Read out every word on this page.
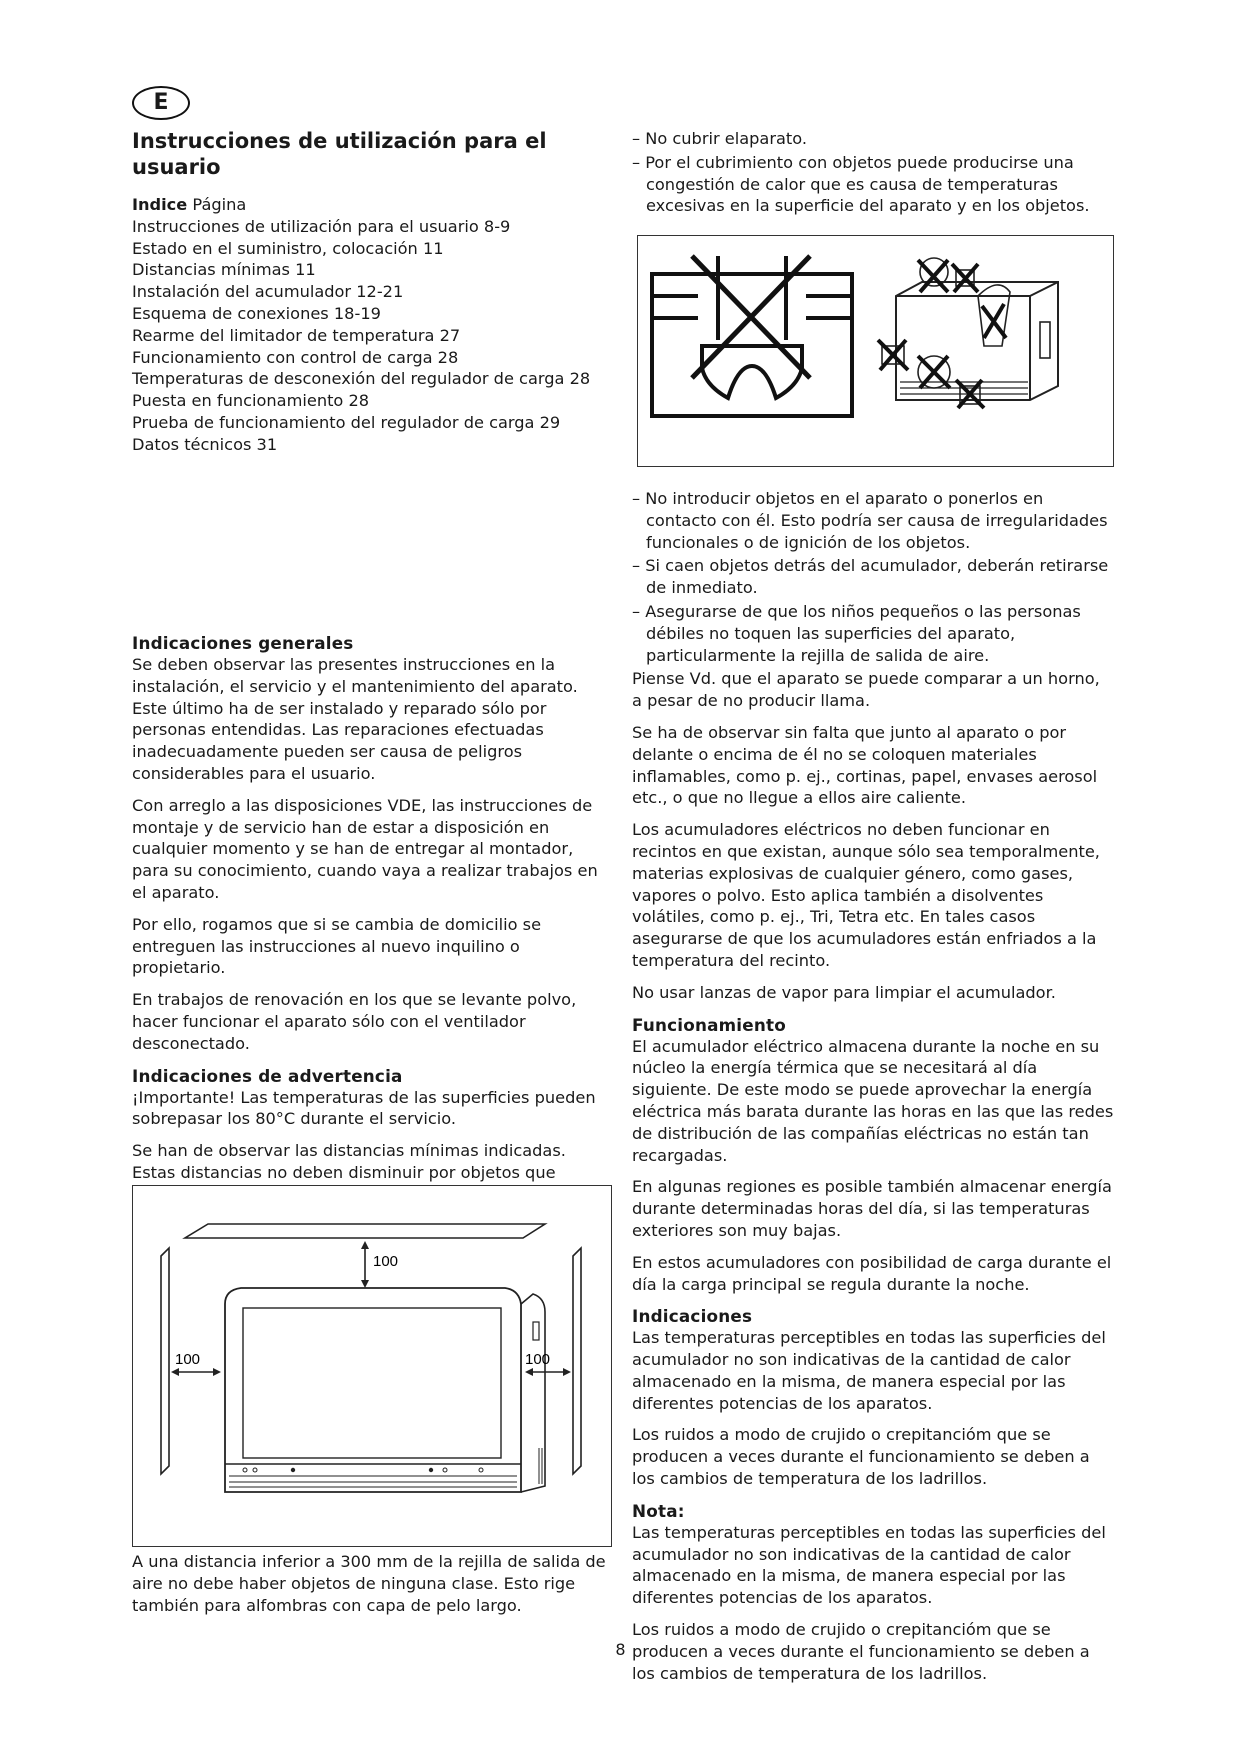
E
Instrucciones de utilización para el usuario
Indice Página
Instrucciones de utilización para el usuario 8-9
Estado en el suministro, colocación 11
Distancias mínimas 11
Instalación del acumulador 12-21
Esquema de conexiones 18-19
Rearme del limitador de temperatura 27
Funcionamiento con control de carga 28
Temperaturas de desconexión del regulador de carga 28
Puesta en funcionamiento 28
Prueba de funcionamiento del regulador de carga 29
Datos técnicos 31
Indicaciones generales

Se deben observar las presentes instrucciones en la instalación, el servicio y el mantenimiento del aparato. Este último ha de ser instalado y reparado sólo por personas entendidas. Las reparaciones efectuadas inadecuadamente pueden ser causa de peligros considerables para el usuario.

Con arreglo a las disposiciones VDE, las instrucciones de montaje y de servicio han de estar a disposición en cualquier momento y se han de entregar al montador, para su conocimiento, cuando vaya a realizar trabajos en el aparato.

Por ello, rogamos que si se cambia de domicilio se entreguen las instrucciones al nuevo inquilino o propietario.

En trabajos de renovación en los que se levante polvo, hacer funcionar el aparato sólo con el ventilador desconectado.

Indicaciones de advertencia

¡Importante! Las temperaturas de las superficies pueden sobrepasar los 80°C durante el servicio.

Se han de observar las distancias mínimas indicadas. Estas distancias no deben disminuir por objetos que

100
100	100

A una distancia inferior a 300 mm de la rejilla de salida de aire no debe haber objetos de ninguna clase. Esto rige también para alfombras con capa de pelo largo.

– No cubrir elaparato.
– Por el cubrimiento con objetos puede producirse una congestión de calor que es causa de temperaturas excesivas en la superficie del aparato y en los objetos.
– No introducir objetos en el aparato o ponerlos en contacto con él. Esto podría ser causa de irregularidades funcionales o de ignición de los objetos.
– Si caen objetos detrás del acumulador, deberán retirarse de inmediato.
– Asegurarse de que los niños pequeños o las personas débiles no toquen las superficies del aparato, particularmente la rejilla de salida de aire.

Piense Vd. que el aparato se puede comparar a un horno, a pesar de no producir llama.

Se ha de observar sin falta que junto al aparato o por delante o encima de él no se coloquen materiales inflamables, como p. ej., cortinas, papel, envases aerosol etc., o que no llegue a ellos aire caliente.

Los acumuladores eléctricos no deben funcionar en recintos en que existan, aunque sólo sea temporalmente, materias explosivas de cualquier género, como gases, vapores o polvo. Esto aplica también a disolventes volátiles, como p. ej., Tri, Tetra etc. En tales casos asegurarse de que los acumuladores están enfriados a la temperatura del recinto.

No usar lanzas de vapor para limpiar el acumulador.

Funcionamiento

El acumulador eléctrico almacena durante la noche en su núcleo la energía térmica que se necesitará al día siguiente. De este modo se puede aprovechar la energía eléctrica más barata durante las horas en las que las redes de distribución de las compañías eléctricas no están tan recargadas.

En algunas regiones es posible también almacenar energía durante determinadas horas del día, si las temperaturas exteriores son muy bajas.

En estos acumuladores con posibilidad de carga durante el día la carga principal se regula durante la noche.

Indicaciones

Las temperaturas perceptibles en todas las superficies del acumulador no son indicativas de la cantidad de calor almacenado en la misma, de manera especial por las diferentes potencias de los aparatos.

Los ruidos a modo de crujido o crepitancióm que se producen a veces durante el funcionamiento se deben a los cambios de temperatura de los ladrillos.

Nota:

Las temperaturas perceptibles en todas las superficies del acumulador no son indicativas de la cantidad de calor almacenado en la misma, de manera especial por las diferentes potencias de los aparatos.

Los ruidos a modo de crujido o crepitancióm que se producen a veces durante el funcionamiento se deben a los cambios de temperatura de los ladrillos.

8
